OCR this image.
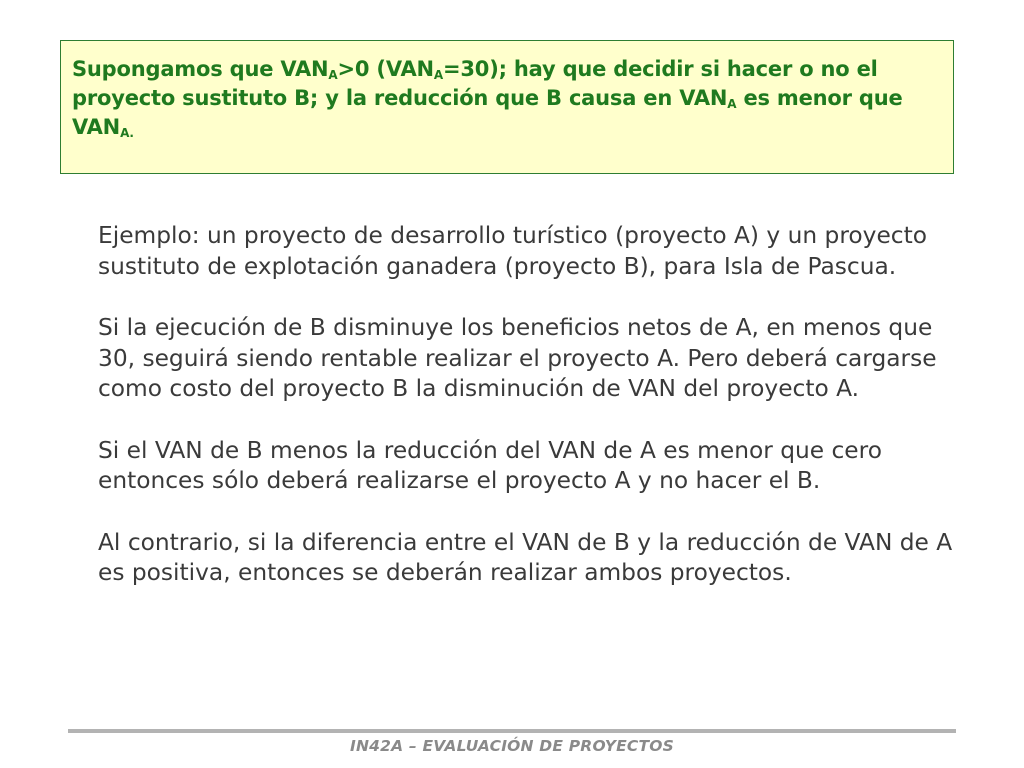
Supongamos que $VAN_A>0$ $(VAN_A=30)$; hay que decidir si hacer o no el proyecto sustituto B; y la reducción que B causa en $VAN_A$ es menor que $VAN_{A.}$

Ejemplo: un proyecto de desarrollo turístico (proyecto A) y un proyecto sustituto de explotación ganadera (proyecto B), para Isla de Pascua.

Si la ejecución de B disminuye los beneficios netos de A, en menos que 30, seguirá siendo rentable realizar el proyecto A. Pero deberá cargarse como costo del proyecto B la disminución de VAN del proyecto A.

Si el VAN de B menos la reducción del VAN de A es menor que cero entonces sólo deberá realizarse el proyecto A y no hacer el B.

Al contrario, si la diferencia entre el VAN de B y la reducción de VAN de A es positiva, entonces se deberán realizar ambos proyectos.

IN42A – EVALUACIÓN DE PROYECTOS
